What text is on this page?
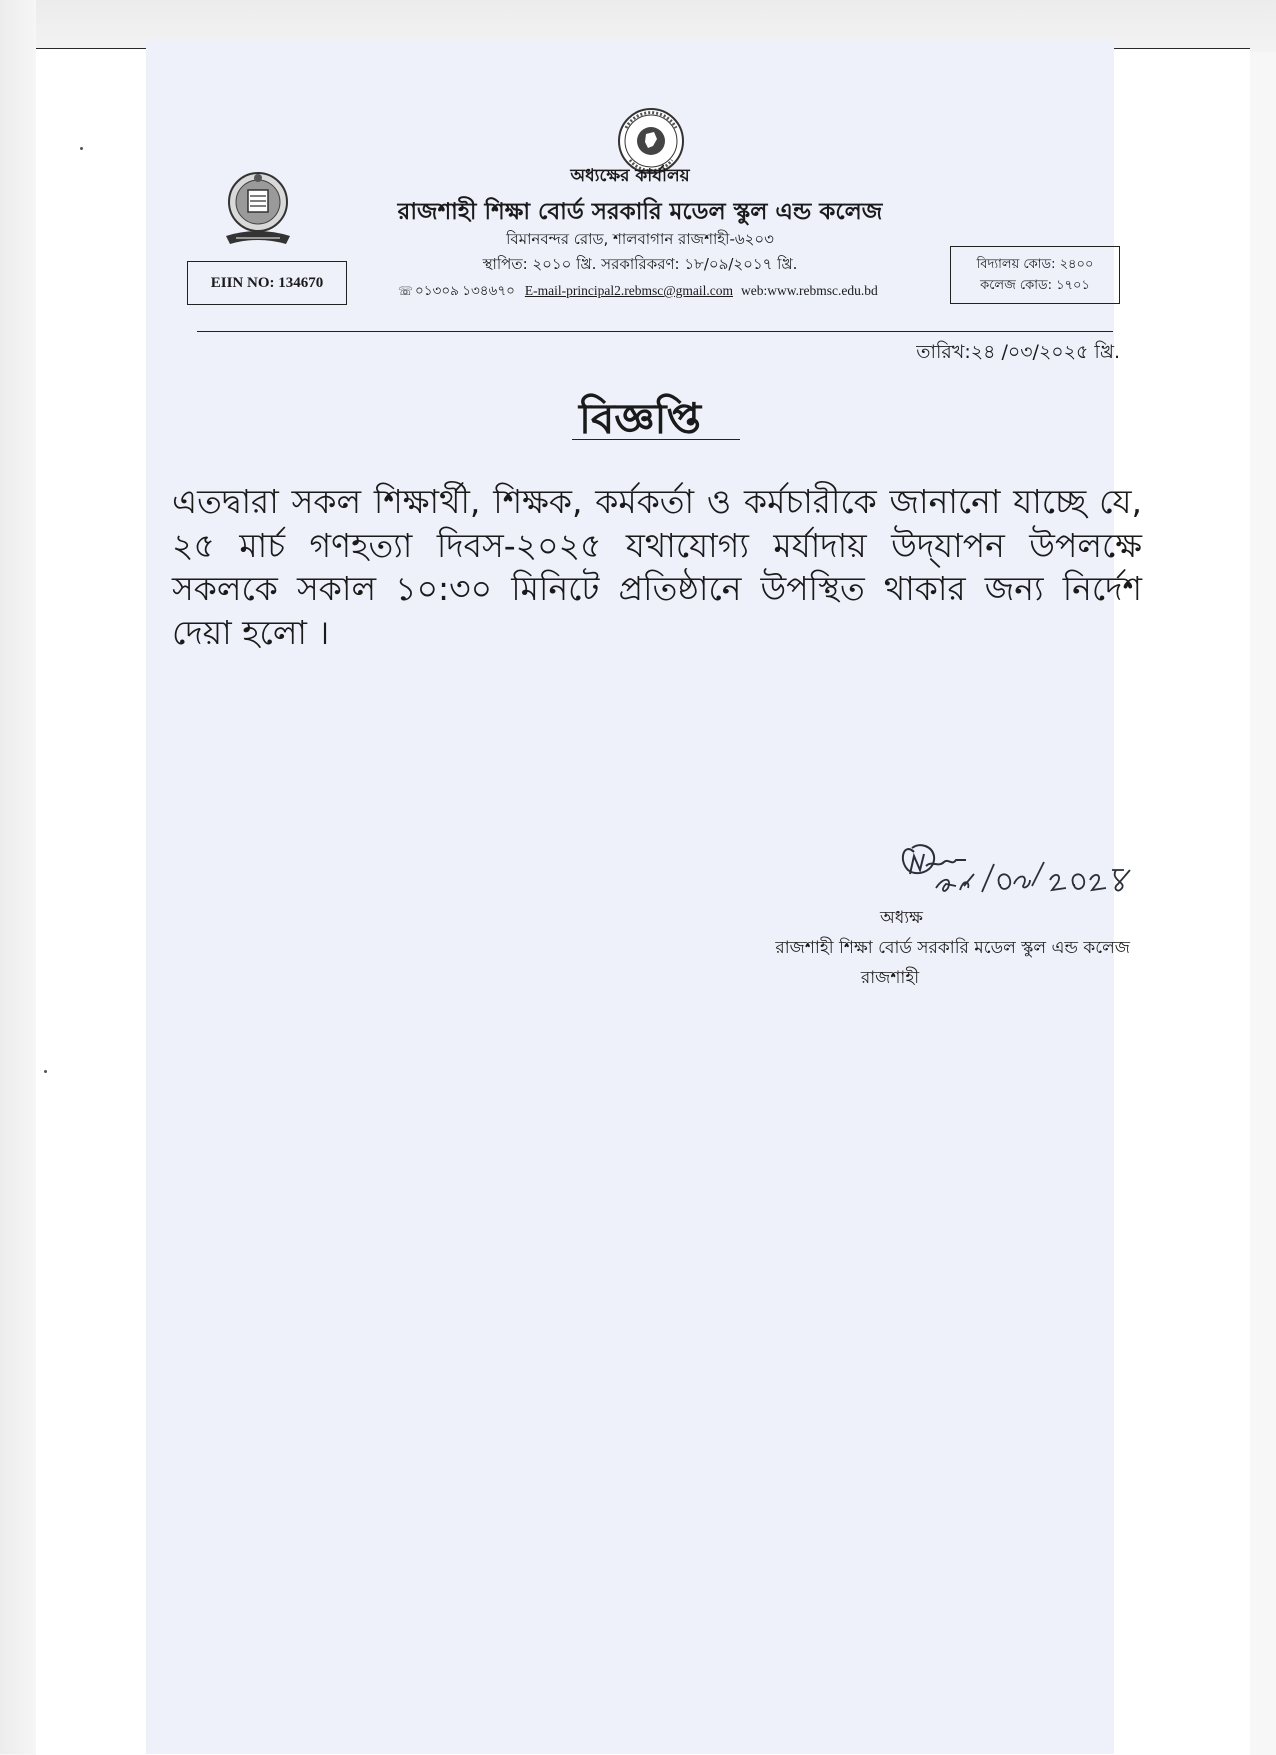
অধ্যক্ষের কার্যালয়
রাজশাহী শিক্ষা বোর্ড সরকারি মডেল স্কুল এন্ড কলেজ
বিমানবন্দর রোড, শালবাগান রাজশাহী-৬২০৩
স্থাপিত: ২০১০ খ্রি. সরকারিকরণ: ১৮/০৯/২০১৭ খ্রি.
☏ ০১৩০৯ ১৩৪৬৭০ E-mail-principal2.rebmsc@gmail.com web:www.rebmsc.edu.bd
EIIN NO: 134670
বিদ্যালয় কোড: ২৪০০
কলেজ কোড: ১৭০১
তারিখ:২৪ /০৩/২০২৫ খ্রি.
বিজ্ঞপ্তি
এতদ্বারা সকল শিক্ষার্থী, শিক্ষক, কর্মকর্তা ও কর্মচারীকে জানানো যাচ্ছে যে, ২৫ মার্চ গণহত্যা দিবস-২০২৫ যথাযোগ্য মর্যাদায় উদ্‌যাপন উপলক্ষে সকলকে সকাল ১০:৩০ মিনিটে প্রতিষ্ঠানে উপস্থিত থাকার জন্য নির্দেশ দেয়া হলো ।
অধ্যক্ষ
রাজশাহী শিক্ষা বোর্ড সরকারি মডেল স্কুল এন্ড কলেজ
রাজশাহী
